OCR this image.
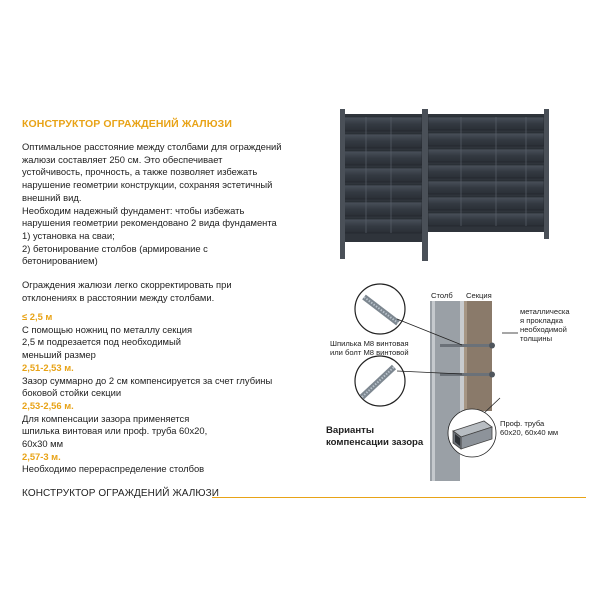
КОНСТРУКТОР ОГРАЖДЕНИЙ ЖАЛЮЗИ
Оптимальное расстояние между столбами для ограждений
жалюзи составляет 250 см. Это обеспечивает
устойчивость, прочность, а также позволяет избежать
нарушение геометрии конструкции, сохраняя эстетичный
внешний вид.
Необходим надежный фундамент: чтобы избежать
нарушения геометрии рекомендовано 2 вида фундамента
1) установка на сваи;
2) бетонирование столбов (армирование с
бетонированием)
Ограждения жалюзи легко скорректировать при
отклонениях в расстоянии между столбами.
≤ 2,5 м
С помощью ножниц по металлу секция
2,5 м подрезается под необходимый
меньший размер
2,51-2,53 м.
Зазор суммарно до 2 см компенсируется за счет глубины
боковой стойки секции
2,53-2,56 м.
Для компенсации зазора применяется
шпилька винтовая или проф. труба 60x20,
60x30 мм
2,57-3 м.
Необходимо перераспределение столбов
Столб Секция
металлическа
я прокладка
необходимой
толщины
Шпилька М8 винтовая
или болт М8 винтовой
Проф. труба
60x20, 60x40 мм
Варианты
компенсации зазора
КОНСТРУКТОР ОГРАЖДЕНИЙ ЖАЛЮЗИ
